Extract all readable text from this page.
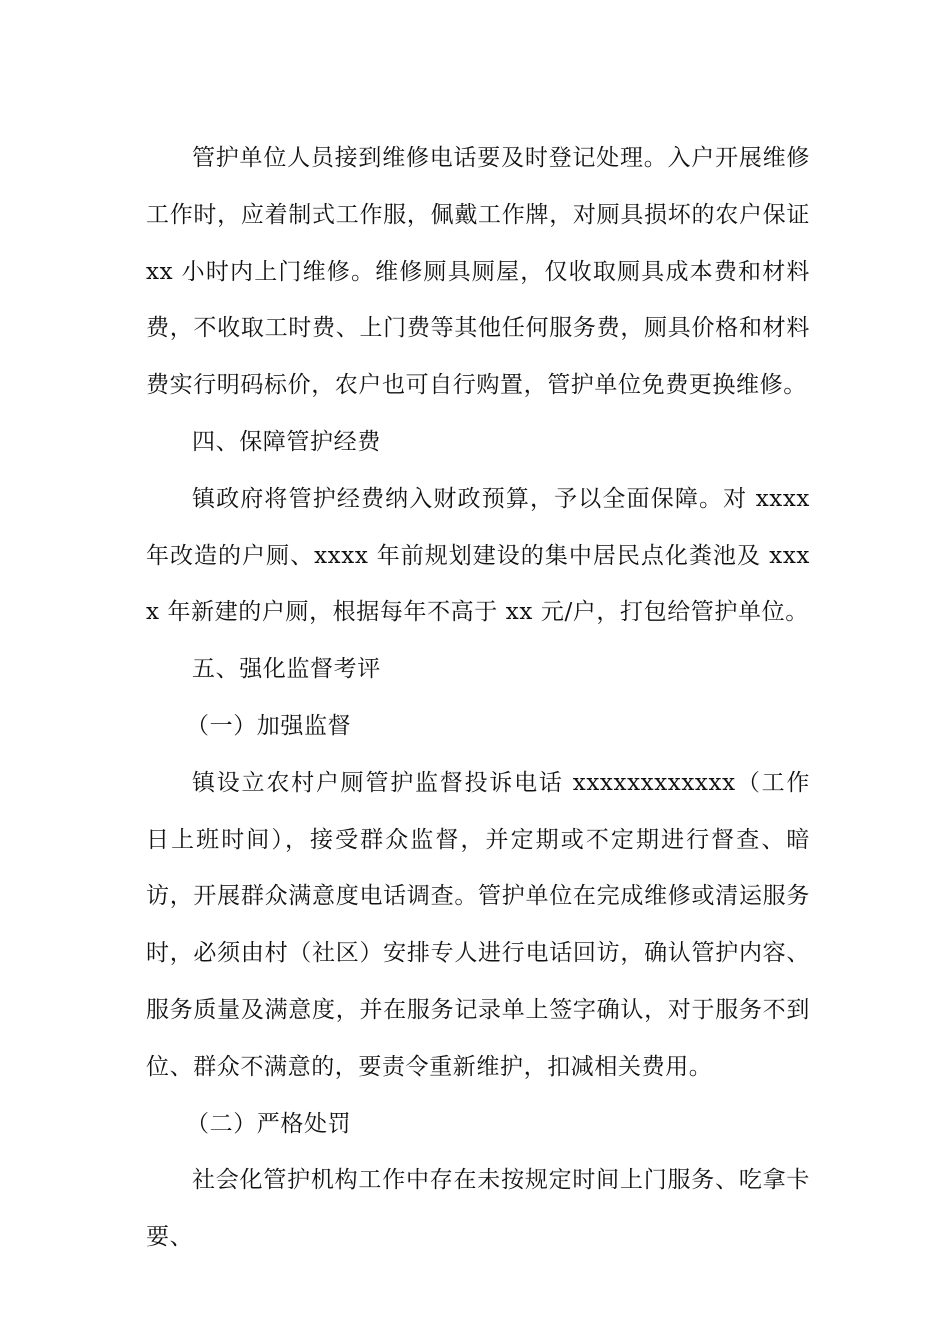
管护单位人员接到维修电话要及时登记处理。入户开展维修工作时，应着制式工作服，佩戴工作牌，对厕具损坏的农户保证 xx 小时内上门维修。维修厕具厕屋，仅收取厕具成本费和材料费，不收取工时费、上门费等其他任何服务费，厕具价格和材料费实行明码标价，农户也可自行购置，管护单位免费更换维修。

四、保障管护经费

镇政府将管护经费纳入财政预算，予以全面保障。对 xxxx 年改造的户厕、xxxx 年前规划建设的集中居民点化粪池及 xxxx 年新建的户厕，根据每年不高于 xx 元/户，打包给管护单位。

五、强化监督考评

（一）加强监督

镇设立农村户厕管护监督投诉电话 xxxxxxxxxxxx（工作日上班时间），接受群众监督，并定期或不定期进行督查、暗访，开展群众满意度电话调查。管护单位在完成维修或清运服务时，必须由村（社区）安排专人进行电话回访，确认管护内容、服务质量及满意度，并在服务记录单上签字确认，对于服务不到位、群众不满意的，要责令重新维护，扣减相关费用。

（二）严格处罚

社会化管护机构工作中存在未按规定时间上门服务、吃拿卡要、
